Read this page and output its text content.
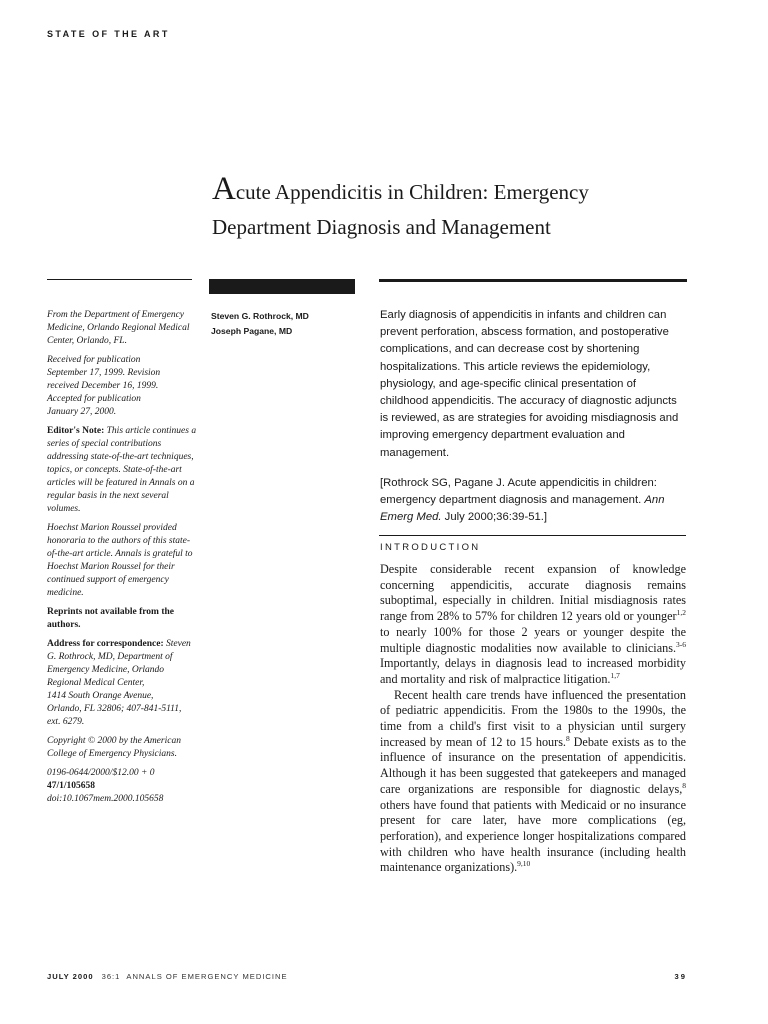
STATE OF THE ART
Acute Appendicitis in Children: Emergency Department Diagnosis and Management

From the Department of Emergency Medicine, Orlando Regional Medical Center, Orlando, FL.

Received for publication
September 17, 1999. Revision
received December 16, 1999.
Accepted for publication
January 27, 2000.

Editor's Note: This article continues a series of special contributions addressing state-of-the-art techniques, topics, or concepts. State-of-the-art articles will be featured in Annals on a regular basis in the next several volumes.

Hoechst Marion Roussel provided honoraria to the authors of this state-of-the-art article. Annals is grateful to Hoechst Marion Roussel for their continued support of emergency medicine.

Reprints not available from the authors.

Address for correspondence: Steven G. Rothrock, MD, Department of Emergency Medicine, Orlando Regional Medical Center,
1414 South Orange Avenue,
Orlando, FL 32806; 407-841-5111, ext. 6279.

Copyright © 2000 by the American College of Emergency Physicians.

0196-0644/2000/$12.00 + 0
47/1/105658
doi:10.1067mem.2000.105658

Steven G. Rothrock, MD
Joseph Pagane, MD

Early diagnosis of appendicitis in infants and children can prevent perforation, abscess formation, and postoperative complications, and can decrease cost by shortening hospitalizations. This article reviews the epidemiology, physiology, and age-specific clinical presentation of childhood appendicitis. The accuracy of diagnostic adjuncts is reviewed, as are strategies for avoiding misdiagnosis and improving emergency department evaluation and management.

[Rothrock SG, Pagane J. Acute appendicitis in children: emergency department diagnosis and management. Ann Emerg Med. July 2000;36:39-51.]

INTRODUCTION

Despite considerable recent expansion of knowledge concerning appendicitis, accurate diagnosis remains suboptimal, especially in children. Initial misdiagnosis rates range from 28% to 57% for children 12 years old or younger$^{1,2}$ to nearly 100% for those 2 years or younger despite the multiple diagnostic modalities now available to clinicians.$^{3-6}$ Importantly, delays in diagnosis lead to increased morbidity and mortality and risk of malpractice litigation.$^{1,7}$

Recent health care trends have influenced the presentation of pediatric appendicitis. From the 1980s to the 1990s, the time from a child's first visit to a physician until surgery increased by mean of 12 to 15 hours.$^8$ Debate exists as to the influence of insurance on the presentation of appendicitis. Although it has been suggested that gatekeepers and managed care organizations are responsible for diagnostic delays,$^8$ others have found that patients with Medicaid or no insurance present for care later, have more complications (eg, perforation), and experience longer hospitalizations compared with children who have health insurance (including health maintenance organizations).$^{9,10}$

JULY 2000 36:1 ANNALS OF EMERGENCY MEDICINE	39
